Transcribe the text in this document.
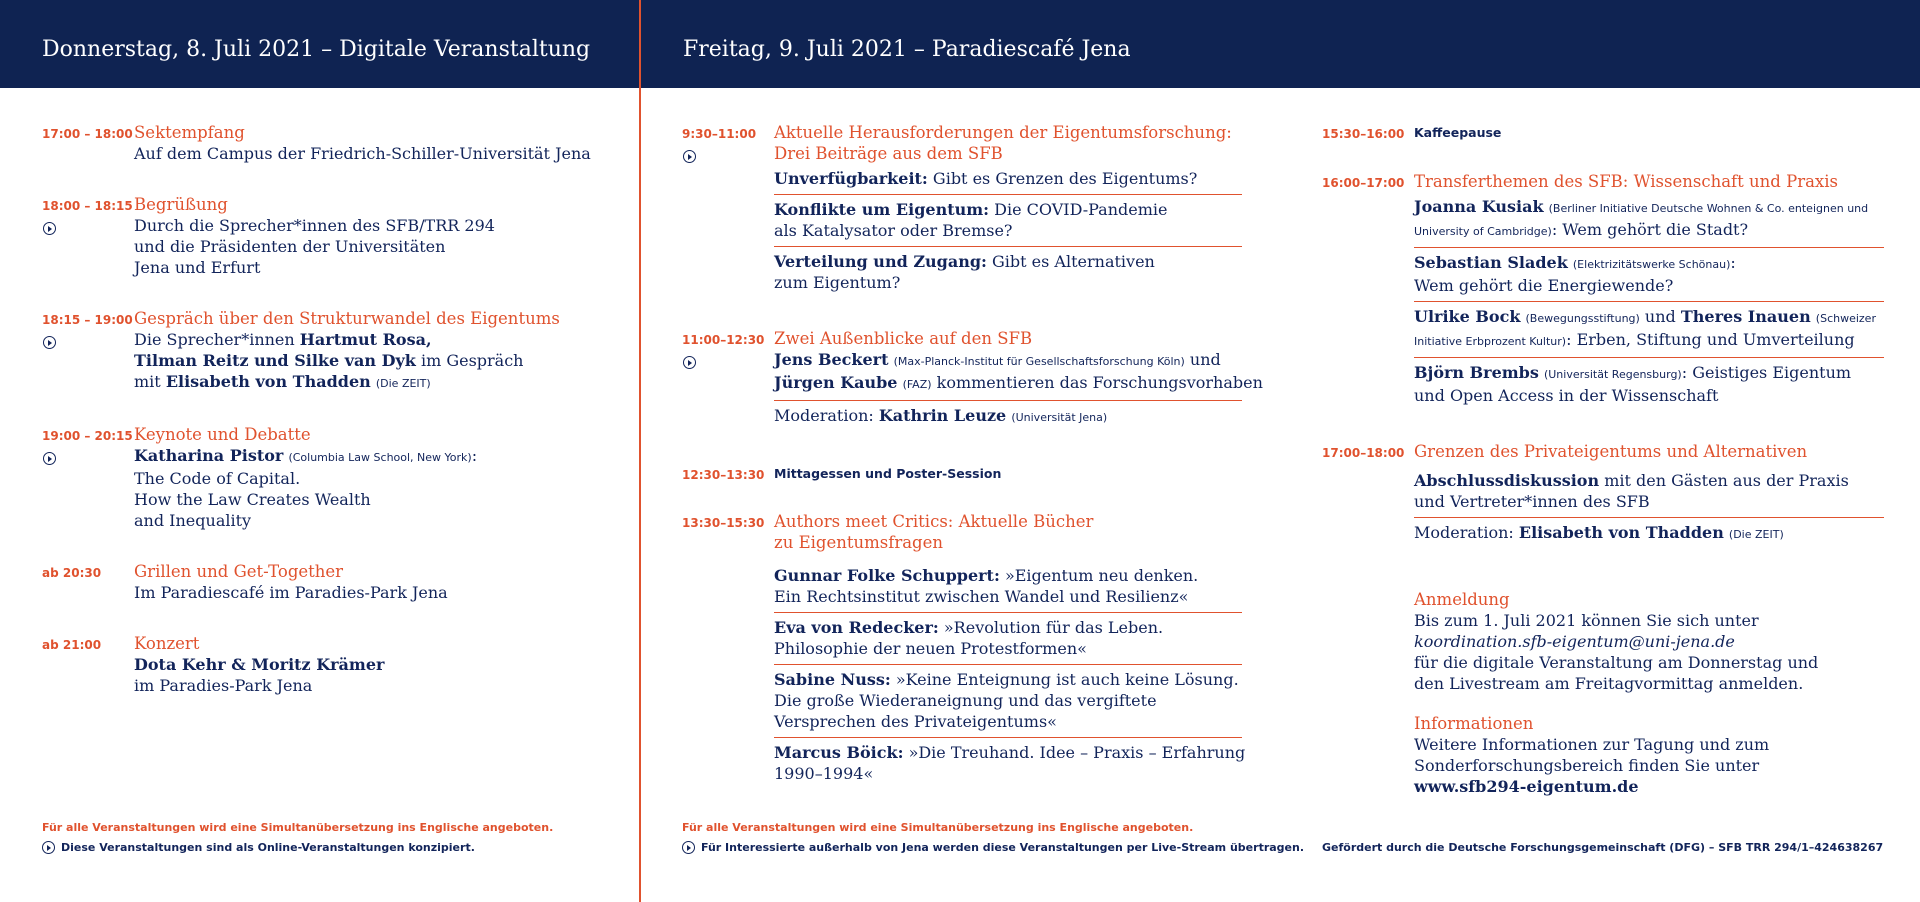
Donnerstag, 8. Juli 2021 – Digitale Veranstaltung	Freitag, 9. Juli 2021 – Paradiescafé Jena
17:00 – 18:00 Sektempfang
Auf dem Campus der Friedrich-Schiller-Universität Jena
18:00 – 18:15 Begrüßung
Durch die Sprecher*innen des SFB/TRR 294
und die Präsidenten der Universitäten
Jena und Erfurt
18:15 – 19:00 Gespräch über den Strukturwandel des Eigentums
Die Sprecher*innen Hartmut Rosa,
Tilman Reitz und Silke van Dyk im Gespräch
mit Elisabeth von Thadden (Die ZEIT)
19:00 – 20:15 Keynote und Debatte
Katharina Pistor (Columbia Law School, New York):
The Code of Capital.
How the Law Creates Wealth
and Inequality
ab 20:30 Grillen und Get-Together
Im Paradiescafé im Paradies-Park Jena
ab 21:00 Konzert
Dota Kehr & Moritz Krämer
im Paradies-Park Jena
9:30–11:00 Aktuelle Herausforderungen der Eigentumsforschung:
Drei Beiträge aus dem SFB
Unverfügbarkeit: Gibt es Grenzen des Eigentums?
Konflikte um Eigentum: Die COVID-Pandemie
als Katalysator oder Bremse?
Verteilung und Zugang: Gibt es Alternativen
zum Eigentum?
11:00–12:30 Zwei Außenblicke auf den SFB
Jens Beckert (Max-Planck-Institut für Gesellschaftsforschung Köln) und
Jürgen Kaube (FAZ) kommentieren das Forschungsvorhaben
Moderation: Kathrin Leuze (Universität Jena)
12:30–13:30 Mittagessen und Poster-Session
13:30–15:30 Authors meet Critics: Aktuelle Bücher
zu Eigentumsfragen
Gunnar Folke Schuppert: »Eigentum neu denken.
Ein Rechtsinstitut zwischen Wandel und Resilienz«
Eva von Redecker: »Revolution für das Leben.
Philosophie der neuen Protestformen«
Sabine Nuss: »Keine Enteignung ist auch keine Lösung.
Die große Wiederaneignung und das vergiftete
Versprechen des Privateigentums«
Marcus Böick: »Die Treuhand. Idee – Praxis – Erfahrung
1990–1994«
15:30–16:00 Kaffeepause
16:00–17:00 Transferthemen des SFB: Wissenschaft und Praxis
Joanna Kusiak (Berliner Initiative Deutsche Wohnen & Co. enteignen und
University of Cambridge): Wem gehört die Stadt?
Sebastian Sladek (Elektrizitätswerke Schönau):
Wem gehört die Energiewende?
Ulrike Bock (Bewegungsstiftung) und Theres Inauen (Schweizer
Initiative Erbprozent Kultur): Erben, Stiftung und Umverteilung
Björn Brembs (Universität Regensburg): Geistiges Eigentum
und Open Access in der Wissenschaft
17:00–18:00 Grenzen des Privateigentums und Alternativen
Abschlussdiskussion mit den Gästen aus der Praxis
und Vertreter*innen des SFB
Moderation: Elisabeth von Thadden (Die ZEIT)
Anmeldung
Bis zum 1. Juli 2021 können Sie sich unter
koordination.sfb-eigentum@uni-jena.de
für die digitale Veranstaltung am Donnerstag und
den Livestream am Freitagvormittag anmelden.
Informationen
Weitere Informationen zur Tagung und zum
Sonderforschungsbereich finden Sie unter
www.sfb294-eigentum.de
Für alle Veranstaltungen wird eine Simultanübersetzung ins Englische angeboten.
Diese Veranstaltungen sind als Online-Veranstaltungen konzipiert.
Für alle Veranstaltungen wird eine Simultanübersetzung ins Englische angeboten.
Für Interessierte außerhalb von Jena werden diese Veranstaltungen per Live-Stream übertragen. Gefördert durch die Deutsche Forschungsgemeinschaft (DFG) – SFB TRR 294/1–424638267
